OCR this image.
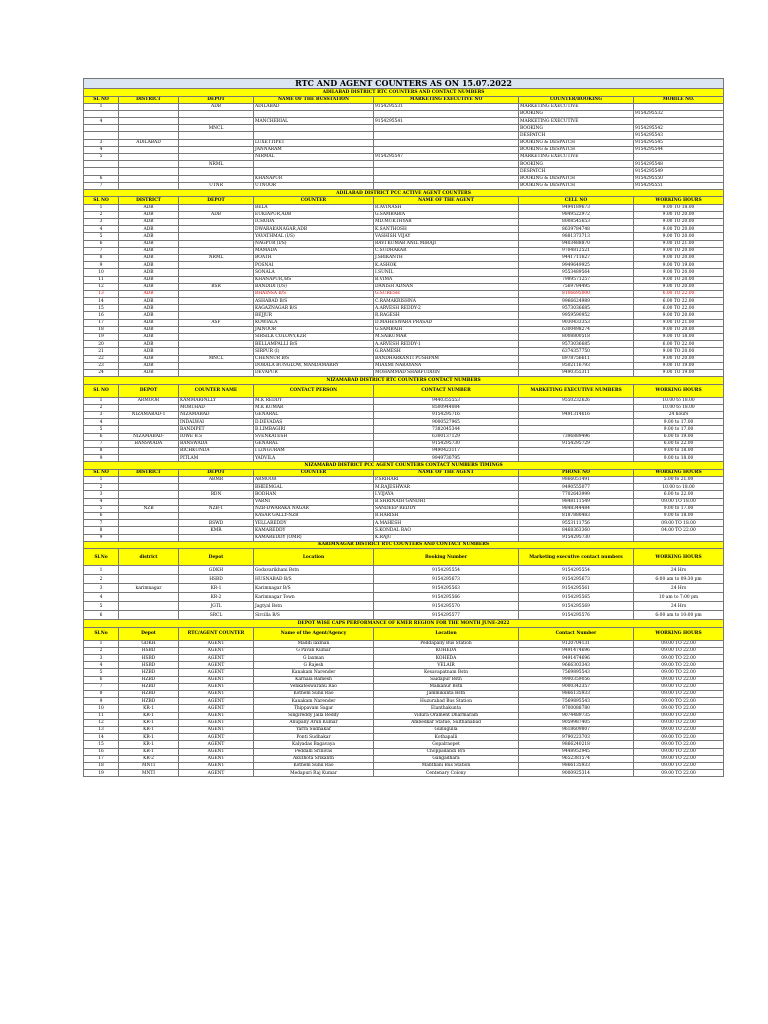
RTC AND AGENT COUNTERS AS ON 15.07.2022						
ADILABAD DISTRICT RTC COUNTERS AND CONTACT NUMBERS						
SL NO	DISTRICT	DEPOT	NAME OF THE BUSSTATION	MARKETING EXECUTIVE NO	COUNTER/BOOKING	MOBILE NO.
1		ADB	ADILABAD	9154295531	MARKETING EXECUTIVE	
					BOOKING	9154295532
4			MANCHERIAL	9154295541	MARKETING EXECUTIVE	
		MNCL			BOOKING	9154295542
					DESPATCH	9154295543
3	ADILABAD		LUXETTIPET		BOOKING & DESPATCH	9154295545
4			JANNARAM		BOOKING & DESPATCH	9154295544
5			NIRMAL	9154295547	MARKETING EXECUTIVE	
		NRML			BOOKING	9154295548
					DESPATCH	9154295549
6			KHANAPUR		BOOKING & DESPATCH	9154295550
7		UTNR	UTNOOR		BOOKING & DESPATCH	9154295551
ADILABAD DISTRICT PCC ACTIVE AGENT COUNTERS						
SL NO	DISTRICT	DEPOT	COUNTER	NAME OF THE AGENT	CELL NO	WORKING HOURS
1	ADB		BELA	R.AVINASH	9494189673	9.00 TO 18.00
2	ADB	ADB	EUKIAPUR,ADB	G.SAMBABIA	9849522972	9.00 TO 20.00
3	ADB		ICHODA	MD.MUKTHYAR	8008545653	9.00 TO 20.00
4	ADB		DWARAKANAGAR,ADB	K.SANTHOSH	8639784748	9.00 TO 20.00
5	ADB		YAVATHMAL (I/S)	VASHISH VIJAY	9881373713	9.00 TO 20.00
6	ADB		NAGPUR (I/S)	RAVI KUMAR ANIL MIRAJI	9403488870	9.00 TO 21.00
7	ADB		MAMADA	C.SUDHAKAR	9704812521	9.00 TO 20.00
8	ADB	NRML	BOATH	J.SRIKANTH	9441711627	9.00 TO 20.00
9	ADB		POSNAI	K.ASHOK	9949649925	9.00 TO 19.00
10	ADB		SONALA	I.SUNIL	9553489564	9.00 TO 20.00
11	ADB		KHANAPUR,/BS	B.VIMA	7989571257	9.00 TO 20.00
12	ADB	BSR	BANDIDI (I/S)	DANISH ADNAN	7569784495	9.00 TO 20.00
13	ADB		BHAINSA B/S	G.SURESH	8106695000	6.00 TO 22.00
14	ADB		ASHABAD B/S	C.RAMAKRISHNA	9966624989	6.00 TO 22.00
15	ADB		KAGAZNAGAR B/S	A.ARVESH REDDY-2	9573036685	6.00 TO 22.00
16	ADB		BEJJUR	R.RAGESH	9959590952	9.00 TO 20.00
17	ADB	ASF	KOWIALA	D.MAHESWARA PRASAD	9030433353	9.00 TO 21.00
18	ADB		JAINOOR	G.SAMBAIH	6300498274	9.00 TO 20.00
19	ADB		SIRSILK COLONY,KZR	M.SAIKUMAR	8008800518	9.00 TO 18.00
20	ADB		BELLAMPALLI B/S	A.ARVESH REDDY-1	9573036685	6.00 TO 22.00
21	ADB		SIRPUR (I)	G.RAMESH	6374357750	9.00 TO 20.00
22	ADB	MNCL	CHENNUR B/S	BANDHARKANTI PUSHPAM	8978756611	9.00 TO 20.00
23	ADB		DORALA BUNGLOW, MANDAMARRY	MIAXMI NARAYANA	9502116793	9.00 TO 19.00
24	ADB		DEVAPUR	MOHAMMAD SHARFUDDIN	9490355311	9.00 TO 19.00
NIZAMABAD DISTRICT RTC COUNTERS CONTACT NUMBERS						
SL NO	DEPOT	COUNTER NAME	CONTACT PERSON	CONTACT NUMBER	MARKETING EXECUTIVE NUMBERS	WORKING HOURS
1	ARMOOR	KAMMARPALLY	M.K REDDY	9440355553	9550232626	10.00 to 18.00
2		MORTHAD	M.K KUMAR	8500944084		10.00 to 18.00
3	NIZAMABAD-1	NIZAMABAD	GENARAL	9154295716	9491314616	24 hours
4		INDALWAI	D.DEVADAS	9000527965		9.00 to 17.00
5		BANDIPET	B.LIMBAGIRI	7382045344		9.00 to 17.00
6	NIZAMABAD-	IOWE B.S	SVENKATESH	6300137129	7396889496	6.00 to 19.00
7	BANSWADA	BANSWADA	GENARAL	9154295730	9154295729	6.00 to 22.00
8		BICHKUNDA	I LINGURAM	9490423117		9.00 to 18.00
9		PITLAM	YADVILA	9949730795		9.00 to 18.00
NIZAMABAD DISTRICT PCC AGENT COUNTERS CONTACT NUMBERS TIMINGS						
SL NO	DISTRICT	DEPOT	COUNTER	NAME OF THE AGENT	PHONE NO	WORKING HOURS
1		ARMR	ARMOOR	P.SRIHARI	9866051491	5.00 to 21.00
2			BHEEMGAL	M.RAJESHWAR	9490555077	10.00 to 18.00
3		BDN	BODHAN	I.VIJAYA	7702643999	6.00 to 22.00
4			VARNI	B.SHRINAIH GANDHI	9848111549	09.00 TO 18.00
5	NZB	NZB-1	NZB-DWARAKA NAGAR	SANDEEP REDDY	9848344484	9.00 to 17.00
6			KASAR GALLY-NZB	B.HARISH	8187880483	9.00 to 18.00
7		BSWD	YELLAREDDY	A.MAHESH	9553111756	09.00 TO 18.00
8		KMR	KAMAREDDY	S.KONDAL RAO	8468363360	04.00 TO 22.00
9			KAMAREDDY (OMR)	K.RAJU	9154295730	
KARIMNAGAR DISTRICT RTC COUNTERS AND CONTACT NUMBERS						
Sl.No	district	Depot	Location	Booking Number	Marketing executive contact numbers	WORKING HOURS
1		GDKH	Godavarikhani Bstn	9154295554	9154295554	24 Hrs
2		HSBD	HUSNABAD B/S	9154295673	9154295673	6:00 am to 09:30 pm
3	karimnagar	KR-1	Karimnagar B/S	9154295563	9154295561	24 Hrs
4		KR-2	Karimnagar Town	9154295566	9154295565	10 am to 7:00 pm
5		JGTL	Jagtyal Bstn	9154295570	9154295569	24 Hrs
6		SRCL	Sircilla B/S	9154295577	9154295576	6:00 am to 10:00 pm
DEPOT WISE CAPS PERFORMANCE OF KMER REGION FOR THE MONTH JUNE-2022						
Sl.No	Depot	RTC/AGENT COUNTER	Name of the Agent/Agency	Location	Contact Number	WORKING HOURS
1	GDKH	AGENT	Maddi laxman	Peddapally Bus Station	9120704131	09.00 TO 22.00
2	HSBD	AGENT	G Pavan Kumar	KOHEDA	9491474696	09.00 TO 22.00
3	HSBD	AGENT	G laxman	KOHEDA	9491474696	09.00 TO 22.00
4	HSBD	AGENT	G Rajesh	VELAIR	9666303343	09.00 TO 22.00
5	HZBD	AGENT	Kanakam Narender	Kesavapatnam Bstn	7569895543	09.00 TO 22.00
6	HZBD	AGENT	Karnala Ramesh	Saidapur Bstn	9900359056	09.00 TO 22.00
7	HZBD	AGENT	Venkateswarahu Rao	Malkanur Bstn	9000342357	09.00 TO 22.00
8	HZBD	AGENT	Kothem Sunil Rao	Jammikunta Bstn	9866135933	09.00 TO 22.00
9	HZBD	AGENT	Kanakam Narender	Huzurabad Bus Station	7569895543	09.00 TO 22.00
10	KR-1	AGENT	Thippavam Sagar	Elanthakunta	9700088780	09.00 TO 22.00
11	KR-1	AGENT	Singireddy Jalla Reddy	Vidura Orament Dharmaram	9074489735	09.00 TO 22.00
12	KR-1	AGENT	Anupally Arun Kumar	Ambedkar Statue, Sulthanabad	9059987405	09.00 TO 22.00
13	KR-1	AGENT	Yarra Sudhakar	Gunugulla	9618609807	09.00 TO 22.00
14	KR-1	AGENT	Ponti Sudhakar	Kothapalli	9790223703	09.00 TO 22.00
15	KR-1	AGENT	Kalyadas Bagavaya	Gopalraopet	9866240218	09.00 TO 22.00
16	KR-1	AGENT	Peddalli Srinivas	Choppadandi B/S	9448952945	09.00 TO 22.00
17	KR-2	AGENT	Akuthota Srikanth	Gangadhara	9652381574	09.00 TO 22.00
18	MNTI	AGENT	Kothem Sunil Rao	Manthani Bus Station	9866135933	09.00 TO 22.00
19	MNTI	AGENT	Medapuri Raj Kumar	Centenary Colony	9000925314	09.00 TO 22.00
